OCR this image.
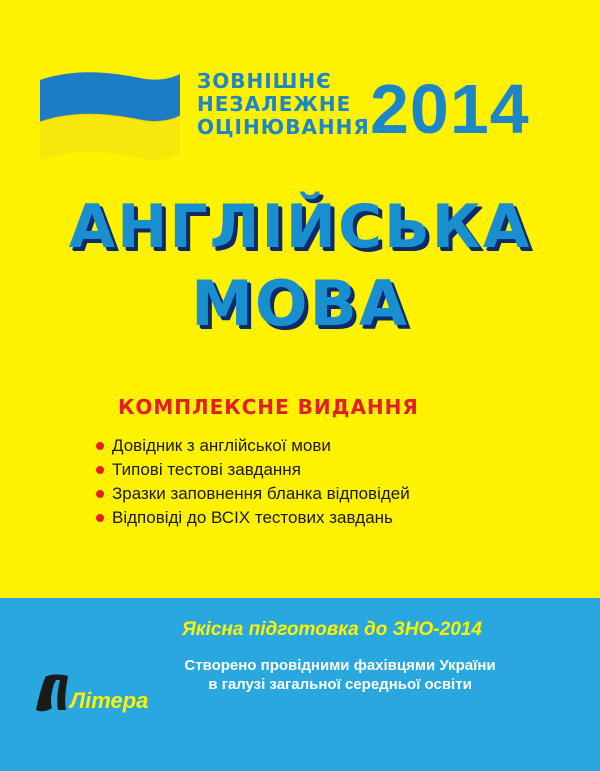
ЗОВНІШНЄ
НЕЗАЛЕЖНЕ
ОЦІНЮВАННЯ 2014
АНГЛІЙСЬКА
МОВА
КОМПЛЕКСНЕ ВИДАННЯ
Довідник з англійської мови
Типові тестові завдання
Зразки заповнення бланка відповідей
Відповіді до ВСІХ тестових завдань
Літера
Якісна підготовка до ЗНО-2014
Створено провідними фахівцями України
в галузі загальної середньої освіти
